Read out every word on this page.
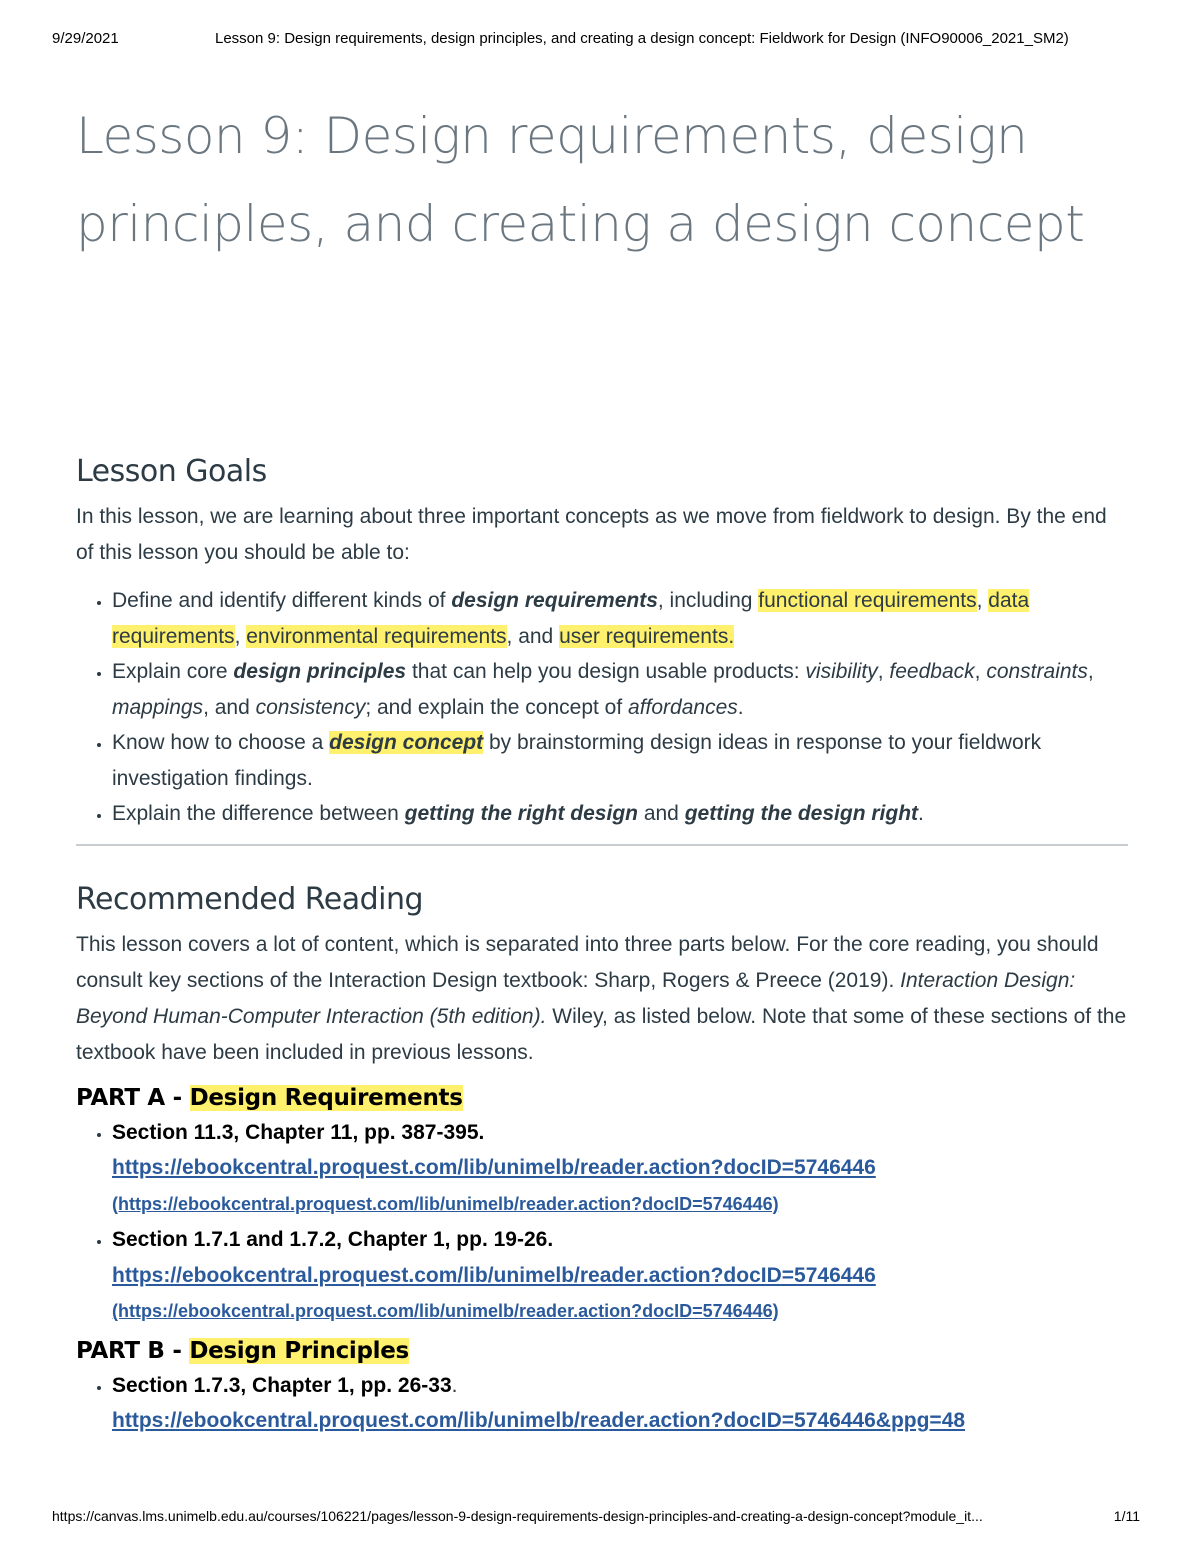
9/29/2021	Lesson 9: Design requirements, design principles, and creating a design concept: Fieldwork for Design (INFO90006_2021_SM2)
Lesson 9: Design requirements, design
principles, and creating a design concept
Lesson Goals

In this lesson, we are learning about three important concepts as we move from fieldwork to design. By the end of this lesson you should be able to:

• Define and identify different kinds of design requirements, including functional requirements, data requirements, environmental requirements, and user requirements.
• Explain core design principles that can help you design usable products: visibility, feedback, constraints, mappings, and consistency; and explain the concept of affordances.
• Know how to choose a design concept by brainstorming design ideas in response to your fieldwork investigation findings.
• Explain the difference between getting the right design and getting the design right.
Recommended Reading

This lesson covers a lot of content, which is separated into three parts below. For the core reading, you should consult key sections of the Interaction Design textbook: Sharp, Rogers & Preece (2019). Interaction Design: Beyond Human-Computer Interaction (5th edition). Wiley, as listed below. Note that some of these sections of the textbook have been included in previous lessons.

PART A - Design Requirements
• Section 11.3, Chapter 11, pp. 387-395.
https://ebookcentral.proquest.com/lib/unimelb/reader.action?docID=5746446
(https://ebookcentral.proquest.com/lib/unimelb/reader.action?docID=5746446)
• Section 1.7.1 and 1.7.2, Chapter 1, pp. 19-26.
https://ebookcentral.proquest.com/lib/unimelb/reader.action?docID=5746446
(https://ebookcentral.proquest.com/lib/unimelb/reader.action?docID=5746446)
PART B - Design Principles
• Section 1.7.3, Chapter 1, pp. 26-33.
https://ebookcentral.proquest.com/lib/unimelb/reader.action?docID=5746446&ppg=48
https://canvas.lms.unimelb.edu.au/courses/106221/pages/lesson-9-design-requirements-design-principles-and-creating-a-design-concept?module_it...	1/11
